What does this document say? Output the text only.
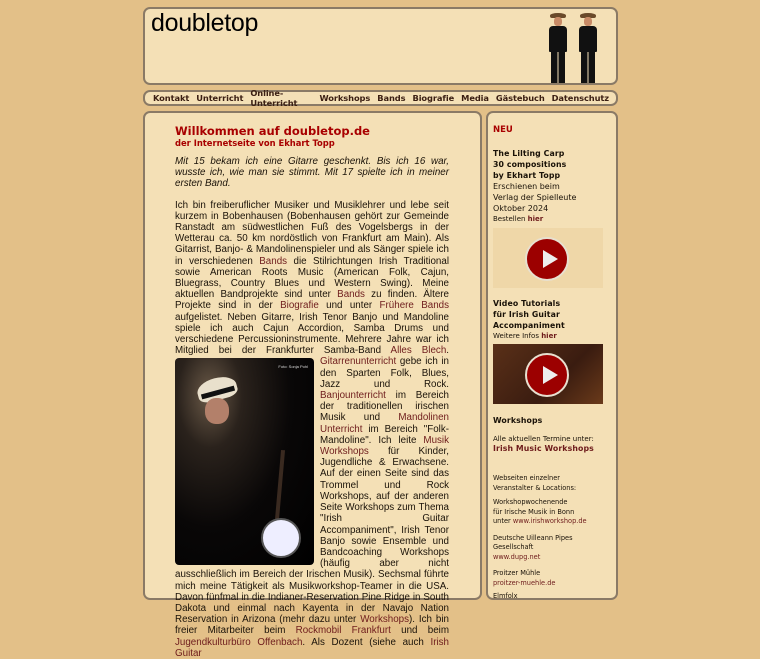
doubletop
Kontakt Unterricht Online-Unterricht	Workshops Bands Biografie Media Gästebuch Datenschutz
Willkommen auf doubletop.de
der Internetseite von Ekhart Topp

Mit 15 bekam ich eine Gitarre geschenkt. Bis ich 16 war, wusste ich, wie man sie stimmt. Mit 17 spielte ich in meiner ersten Band.

Ich bin freiberuflicher Musiker und Musiklehrer und lebe seit kurzem in Bobenhausen (Bobenhausen gehört zur Gemeinde Ranstadt am südwestlichen Fuß des Vogelsbergs in der Wetterau ca. 50 km nordöstlich von Frankfurt am Main). Als Gitarrist, Banjo- & Mandolinenspieler und als Sänger spiele ich in verschiedenen Bands die Stilrichtungen Irish Traditional sowie American Roots Music (American Folk, Cajun, Bluegrass, Country Blues und Western Swing). Meine aktuellen Bandprojekte sind unter Bands zu finden. Ältere Projekte sind in der Biografie und unter Frühere Bands aufgelistet. Neben Gitarre, Irish Tenor Banjo und Mandoline spiele ich auch Cajun Accordion, Samba Drums und verschiedene Percussioninstrumente. Mehrere Jahre war ich Mitglied bei der Frankfurter Samba-Band Alles Blech.

Foto: Sonja Pohl Gitarrenunterricht gebe ich in den Sparten Folk, Blues, Jazz und Rock. Banjounterricht im Bereich der traditionellen irischen Musik und Mandolinen Unterricht im Bereich "Folk-Mandoline". Ich leite Musik Workshops für Kinder, Jugendliche & Erwachsene. Auf der einen Seite sind das Trommel und Rock Workshops, auf der anderen Seite Workshops zum Thema "Irish Guitar Accompaniment", Irish Tenor Banjo sowie Ensemble und Bandcoaching Workshops (häufig aber nicht ausschließlich im Bereich der Irischen Musik). Sechsmal führte mich meine Tätigkeit als Musikworkshop-Teamer in die USA. Davon fünfmal in die Indianer-Reservation Pine Ridge in South Dakota und einmal nach Kayenta in der Navajo Nation Reservation in Arizona (mehr dazu unter Workshops). Ich bin freier Mitarbeiter beim Rockmobil Frankfurt und beim Jugendkulturbüro Offenbach. Als Dozent (siehe auch Irish Guitar

NEU
The Lilting Carp
30 compositions
by Ekhart Topp
Erschienen beim
Verlag der Spielleute
Oktober 2024
Bestellen hier
Video Tutorials
für Irish Guitar
Accompaniment
Weitere Infos hier
Workshops
Alle aktuellen Termine unter:
Irish Music Workshops
Webseiten einzelner
Veranstalter & Locations:
Workshopwochenende
für Irische Musik in Bonn
unter www.irishworkshop.de
Deutsche Uilleann Pipes
Gesellschaft
www.dupg.net
Proitzer Mühle
proitzer-muehle.de
Elmfolx
